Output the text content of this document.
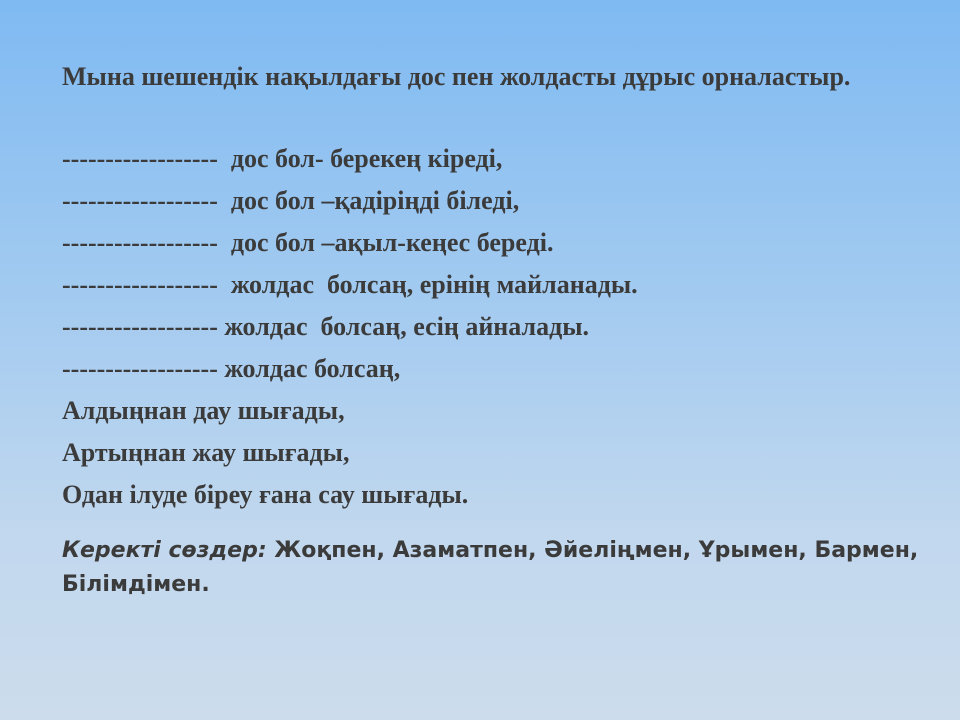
Мына шешендік нақылдағы дос пен жолдасты дұрыс орналастыр.

------------------  дос бол- берекең кіреді,
------------------  дос бол –қадіріңді біледі,
------------------  дос бол –ақыл-кеңес береді.
------------------  жолдас  болсаң, ерінің майланады.
------------------ жолдас  болсаң, есің айналады.
------------------ жолдас болсаң,
Алдыңнан дау шығады,
Артыңнан жау шығады,
Одан ілуде біреу ғана сау шығады.
Керекті сөздер: Жоқпен, Азаматпен, Әйеліңмен, Ұрымен, Бармен, Білімдімен.
